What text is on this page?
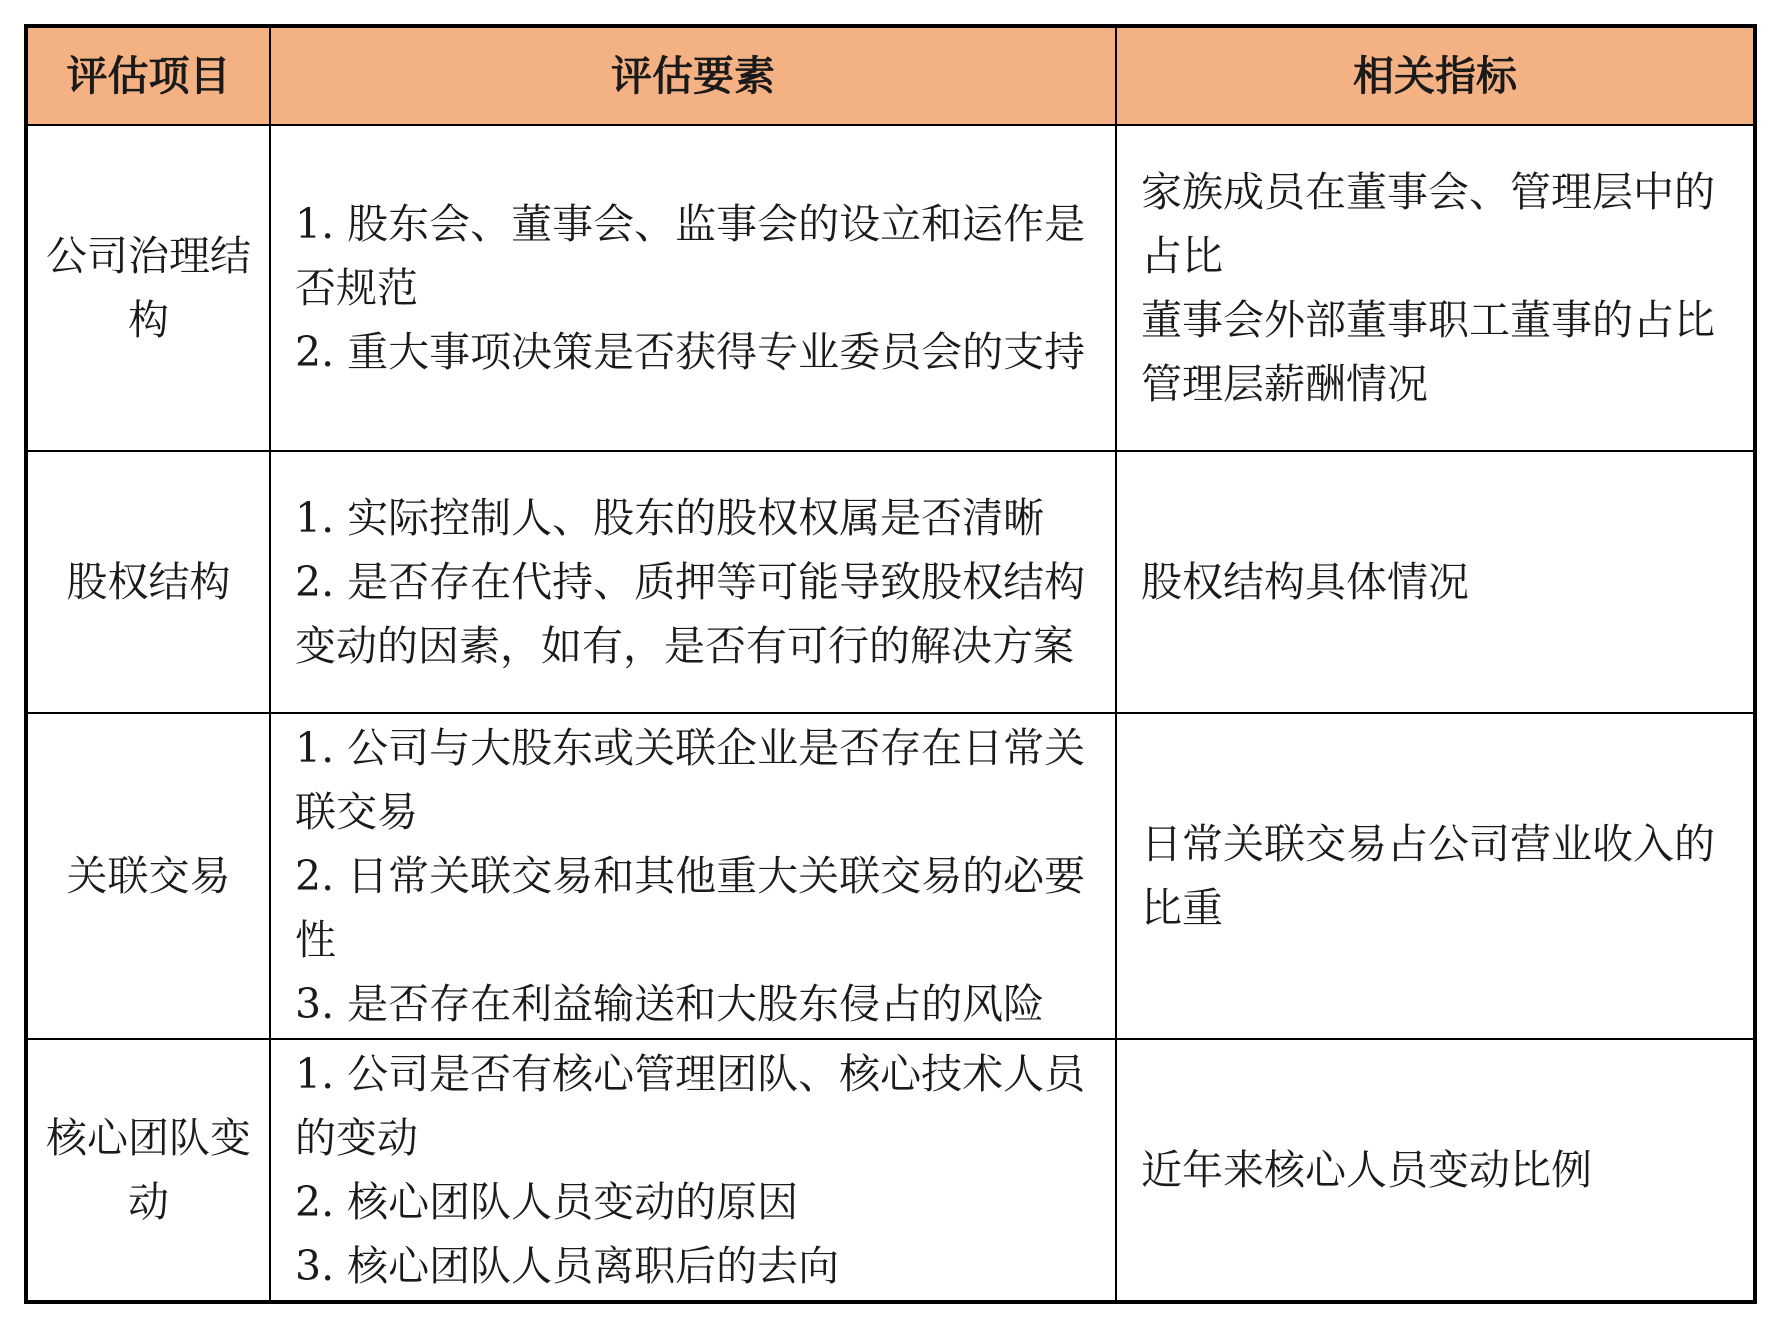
评估项目	评估要素	相关指标
公司治理结构	1. 股东会、董事会、监事会的设立和运作是否规范
2. 重大事项决策是否获得专业委员会的支持	家族成员在董事会、管理层中的占比
董事会外部董事职工董事的占比
管理层薪酬情况

股权结构	1. 实际控制人、股东的股权权属是否清晰
2. 是否存在代持、质押等可能导致股权结构变动的因素，如有，是否有可行的解决方案	股权结构具体情况

关联交易	1. 公司与大股东或关联企业是否存在日常关联交易
2. 日常关联交易和其他重大关联交易的必要性
3. 是否存在利益输送和大股东侵占的风险	日常关联交易占公司营业收入的比重

核心团队变动	1. 公司是否有核心管理团队、核心技术人员的变动
2. 核心团队人员变动的原因
3. 核心团队人员离职后的去向	近年来核心人员变动比例
